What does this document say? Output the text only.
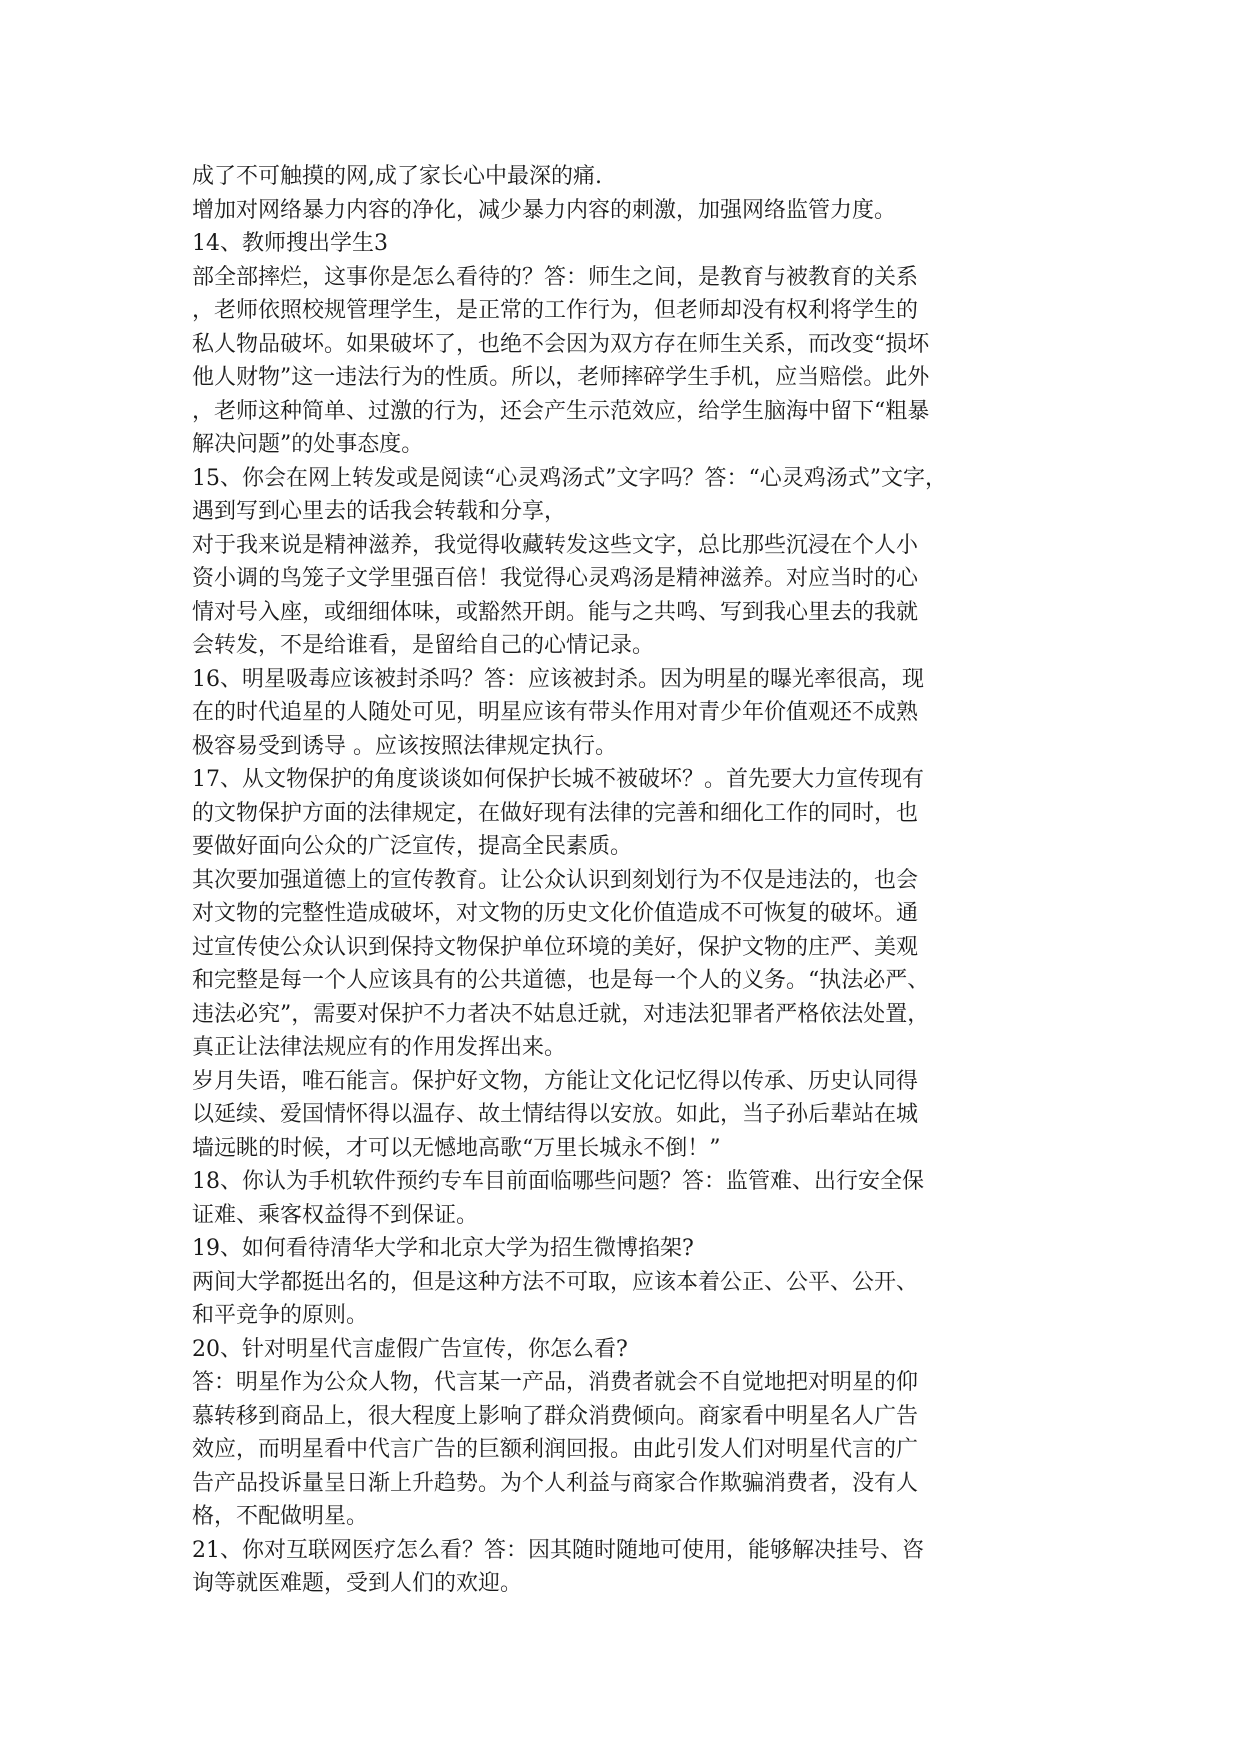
成了不可触摸的网,成了家长心中最深的痛.
增加对网络暴力内容的净化，减少暴力内容的刺激，加强网络监管力度。
14、教师搜出学生3
部全部摔烂，这事你是怎么看待的？答：师生之间，是教育与被教育的关系
，老师依照校规管理学生，是正常的工作行为，但老师却没有权利将学生的
私人物品破坏。如果破坏了，也绝不会因为双方存在师生关系，而改变“损坏
他人财物”这一违法行为的性质。所以，老师摔碎学生手机，应当赔偿。此外
，老师这种简单、过激的行为，还会产生示范效应，给学生脑海中留下“粗暴
解决问题”的处事态度。
15、你会在网上转发或是阅读“心灵鸡汤式”文字吗？答：“心灵鸡汤式”文字，
遇到写到心里去的话我会转载和分享，
对于我来说是精神滋养，我觉得收藏转发这些文字，总比那些沉浸在个人小
资小调的鸟笼子文学里强百倍！我觉得心灵鸡汤是精神滋养。对应当时的心
情对号入座，或细细体味，或豁然开朗。能与之共鸣、写到我心里去的我就
会转发，不是给谁看，是留给自己的心情记录。
16、明星吸毒应该被封杀吗？答：应该被封杀。因为明星的曝光率很高，现
在的时代追星的人随处可见，明星应该有带头作用对青少年价值观还不成熟
极容易受到诱导 。应该按照法律规定执行。
17、从文物保护的角度谈谈如何保护长城不被破坏？。首先要大力宣传现有
的文物保护方面的法律规定，在做好现有法律的完善和细化工作的同时，也
要做好面向公众的广泛宣传，提高全民素质。
其次要加强道德上的宣传教育。让公众认识到刻划行为不仅是违法的，也会
对文物的完整性造成破坏，对文物的历史文化价值造成不可恢复的破坏。通
过宣传使公众认识到保持文物保护单位环境的美好，保护文物的庄严、美观
和完整是每一个人应该具有的公共道德，也是每一个人的义务。“执法必严、
违法必究”，需要对保护不力者决不姑息迁就，对违法犯罪者严格依法处置，
真正让法律法规应有的作用发挥出来。
岁月失语，唯石能言。保护好文物，方能让文化记忆得以传承、历史认同得
以延续、爱国情怀得以温存、故土情结得以安放。如此，当子孙后辈站在城
墙远眺的时候，才可以无憾地高歌“万里长城永不倒！”
18、你认为手机软件预约专车目前面临哪些问题？答：监管难、出行安全保
证难、乘客权益得不到保证。
19、如何看待清华大学和北京大学为招生微博掐架?
两间大学都挺出名的，但是这种方法不可取，应该本着公正、公平、公开、
和平竞争的原则。
20、针对明星代言虚假广告宣传，你怎么看?
答：明星作为公众人物，代言某一产品，消费者就会不自觉地把对明星的仰
慕转移到商品上，很大程度上影响了群众消费倾向。商家看中明星名人广告
效应，而明星看中代言广告的巨额利润回报。由此引发人们对明星代言的广
告产品投诉量呈日渐上升趋势。为个人利益与商家合作欺骗消费者，没有人
格，不配做明星。
21、你对互联网医疗怎么看？答：因其随时随地可使用，能够解决挂号、咨
询等就医难题，受到人们的欢迎。
